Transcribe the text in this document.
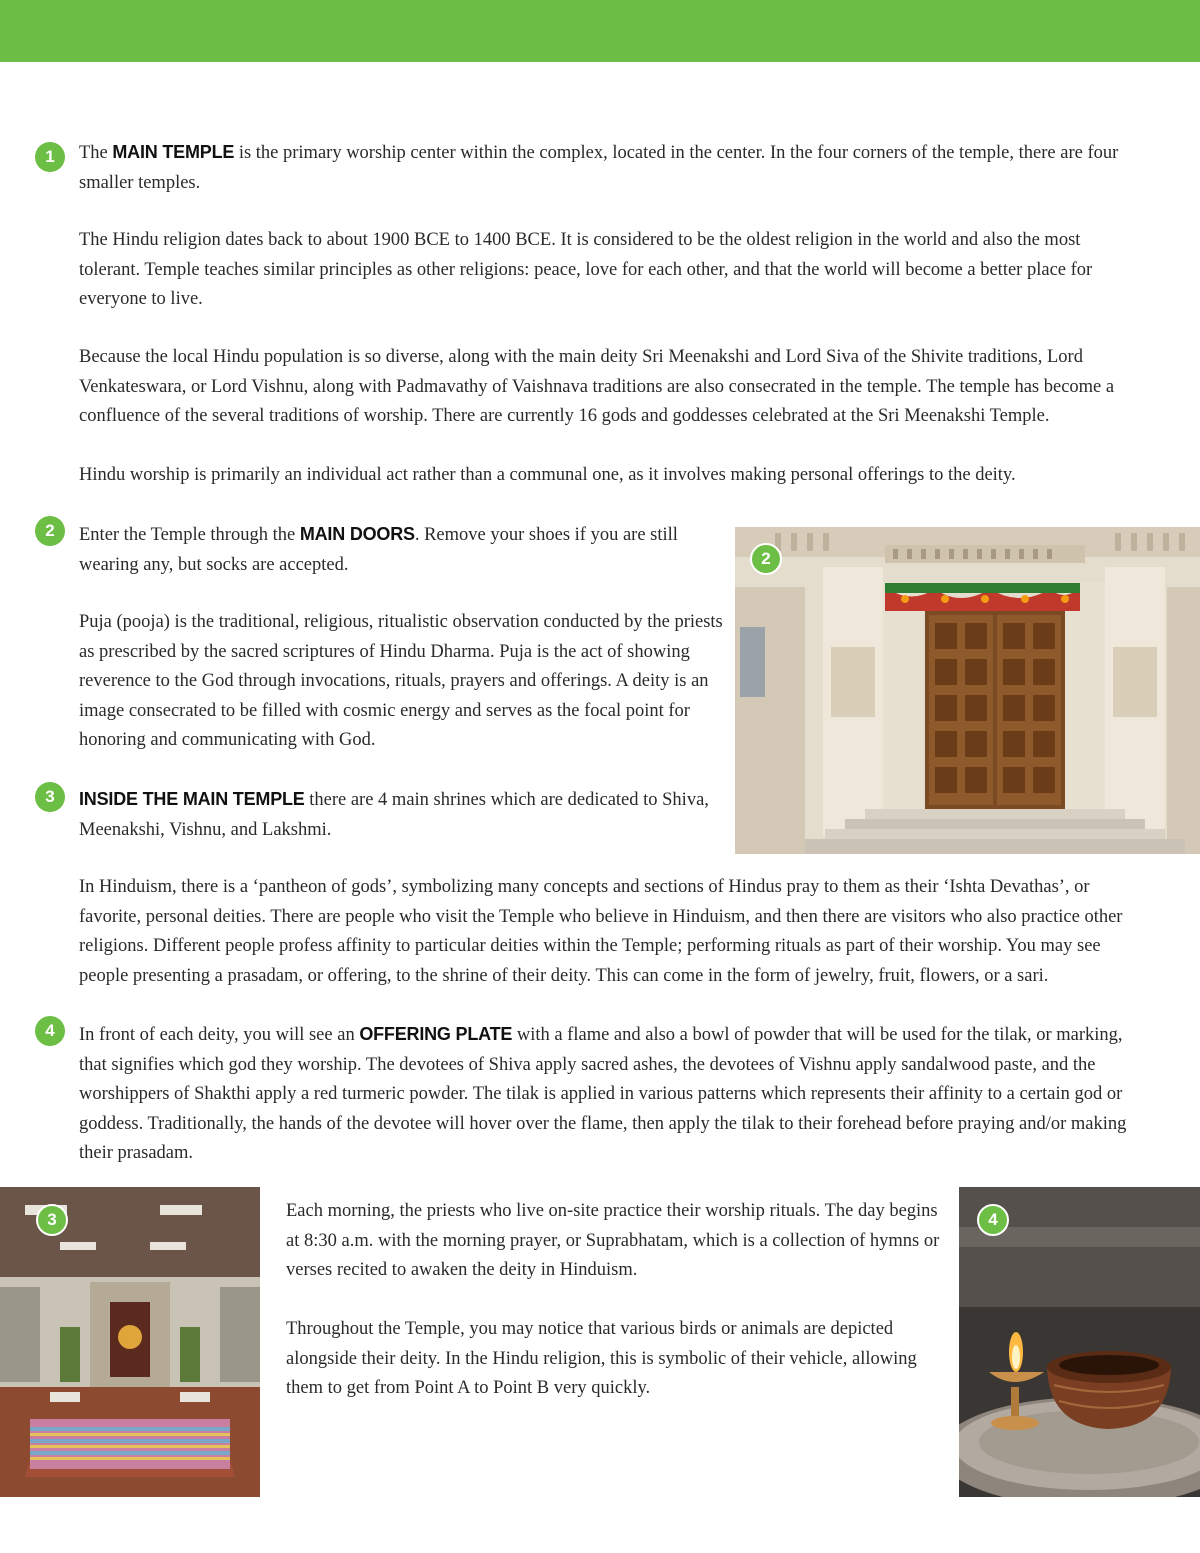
1	The MAIN TEMPLE is the primary worship center within the complex, located in the center. In the four corners of the temple, there are four smaller temples.

The Hindu religion dates back to about 1900 BCE to 1400 BCE. It is considered to be the oldest religion in the world and also the most tolerant. Temple teaches similar principles as other religions: peace, love for each other, and that the world will become a better place for everyone to live.

Because the local Hindu population is so diverse, along with the main deity Sri Meenakshi and Lord Siva of the Shivite traditions, Lord Venkateswara, or Lord Vishnu, along with Padmavathy of Vaishnava traditions are also consecrated in the temple. The temple has become a confluence of the several traditions of worship. There are currently 16 gods and goddesses celebrated at the Sri Meenakshi Temple.

Hindu worship is primarily an individual act rather than a communal one, as it involves making personal offerings to the deity.

2	Enter the Temple through the MAIN DOORS. Remove your shoes if you are still wearing any, but socks are accepted.

Puja (pooja) is the traditional, religious, ritualistic observation conducted by the priests as prescribed by the sacred scriptures of Hindu Dharma. Puja is the act of showing reverence to the God through invocations, rituals, prayers and offerings. A deity is an image consecrated to be filled with cosmic energy and serves as the focal point for honoring and communicating with God.

2
3	INSIDE THE MAIN TEMPLE there are 4 main shrines which are dedicated to Shiva, Meenakshi, Vishnu, and Lakshmi.

In Hinduism, there is a ‘pantheon of gods’, symbolizing many concepts and sections of Hindus pray to them as their ‘Ishta Devathas’, or favorite, personal deities. There are people who visit the Temple who believe in Hinduism, and then there are visitors who also practice other religions. Different people profess affinity to particular deities within the Temple; performing rituals as part of their worship. You may see people presenting a prasadam, or offering, to the shrine of their deity. This can come in the form of jewelry, fruit, flowers, or a sari.

4	In front of each deity, you will see an OFFERING PLATE with a flame and also a bowl of powder that will be used for the tilak, or marking, that signifies which god they worship. The devotees of Shiva apply sacred ashes, the devotees of Vishnu apply sandalwood paste, and the worshippers of Shakthi apply a red turmeric powder. The tilak is applied in various patterns which represents their affinity to a certain god or goddess. Traditionally, the hands of the devotee will hover over the flame, then apply the tilak to their forehead before praying and/or making their prasadam.

3	Each morning, the priests who live on-site practice their worship rituals. The day begins at 8:30 a.m. with the morning prayer, or Suprabhatam, which is a collection of hymns or verses recited to awaken the deity in Hinduism.

Throughout the Temple, you may notice that various birds or animals are depicted alongside their deity. In the Hindu religion, this is symbolic of their vehicle, allowing them to get from Point A to Point B very quickly.

4
